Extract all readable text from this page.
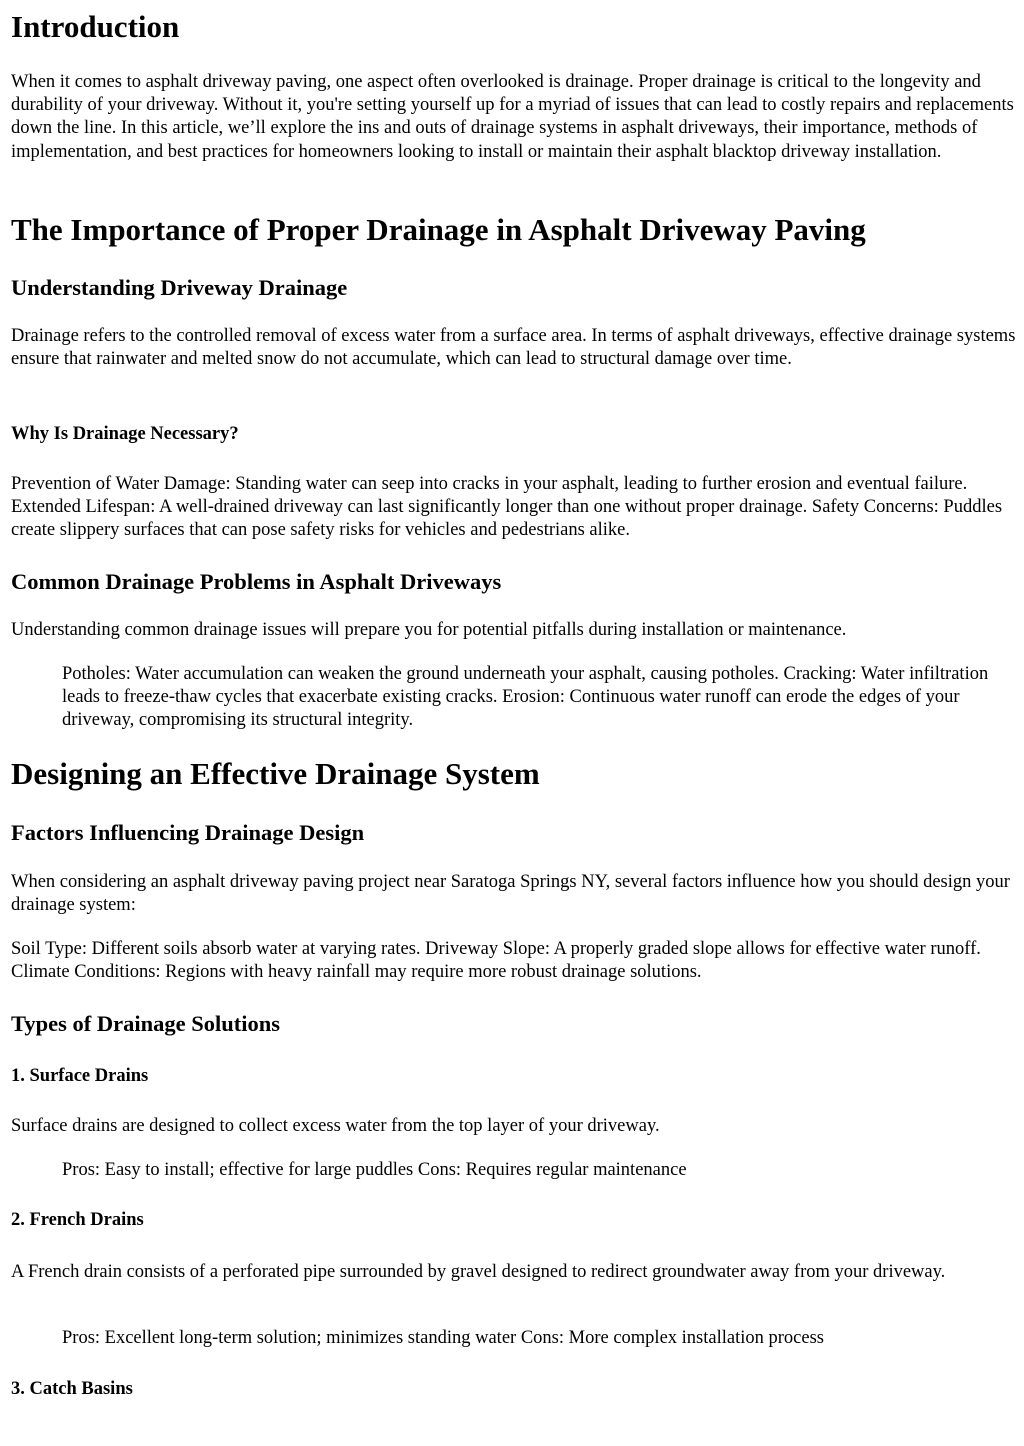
Introduction

When it comes to asphalt driveway paving, one aspect often overlooked is drainage. Proper drainage is critical to the longevity and durability of your driveway. Without it, you're setting yourself up for a myriad of issues that can lead to costly repairs and replacements down the line. In this article, we’ll explore the ins and outs of drainage systems in asphalt driveways, their importance, methods of implementation, and best practices for homeowners looking to install or maintain their asphalt blacktop driveway installation.

The Importance of Proper Drainage in Asphalt Driveway Paving
Understanding Driveway Drainage

Drainage refers to the controlled removal of excess water from a surface area. In terms of asphalt driveways, effective drainage systems ensure that rainwater and melted snow do not accumulate, which can lead to structural damage over time.

Why Is Drainage Necessary?

Prevention of Water Damage: Standing water can seep into cracks in your asphalt, leading to further erosion and eventual failure. Extended Lifespan: A well-drained driveway can last significantly longer than one without proper drainage. Safety Concerns: Puddles create slippery surfaces that can pose safety risks for vehicles and pedestrians alike.

Common Drainage Problems in Asphalt Driveways

Understanding common drainage issues will prepare you for potential pitfalls during installation or maintenance.

Potholes: Water accumulation can weaken the ground underneath your asphalt, causing potholes. Cracking: Water infiltration leads to freeze-thaw cycles that exacerbate existing cracks. Erosion: Continuous water runoff can erode the edges of your driveway, compromising its structural integrity.

Designing an Effective Drainage System
Factors Influencing Drainage Design

When considering an asphalt driveway paving project near Saratoga Springs NY, several factors influence how you should design your drainage system:

Soil Type: Different soils absorb water at varying rates. Driveway Slope: A properly graded slope allows for effective water runoff. Climate Conditions: Regions with heavy rainfall may require more robust drainage solutions.

Types of Drainage Solutions
1. Surface Drains

Surface drains are designed to collect excess water from the top layer of your driveway.

Pros: Easy to install; effective for large puddles Cons: Requires regular maintenance

2. French Drains

A French drain consists of a perforated pipe surrounded by gravel designed to redirect groundwater away from your driveway.

Pros: Excellent long-term solution; minimizes standing water Cons: More complex installation process

3. Catch Basins
